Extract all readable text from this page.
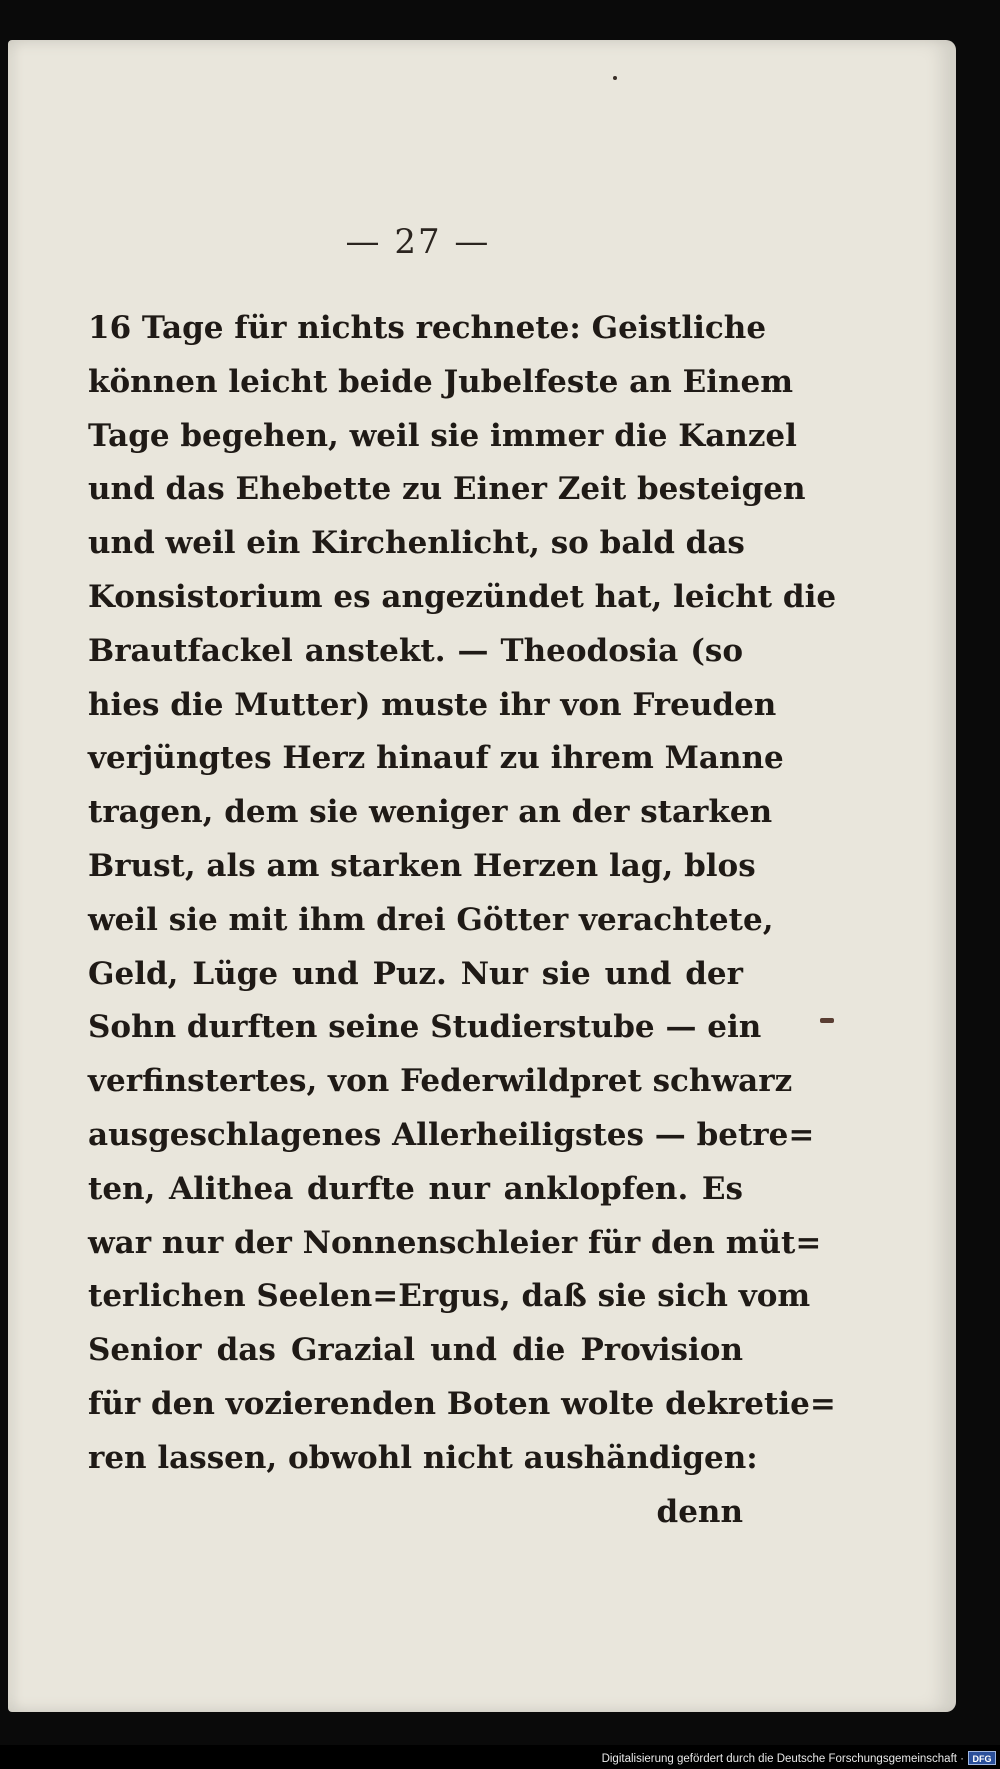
— 27 —
16 Tage für nichts rechnete: Geistliche
können leicht beide Jubelfeste an Einem
Tage begehen, weil sie immer die Kanzel
und das Ehebette zu Einer Zeit besteigen
und weil ein Kirchenlicht, so bald das
Konsistorium es angezündet hat, leicht die
Brautfackel anstekt. — Theodosia (so
hies die Mutter) muste ihr von Freuden
verjüngtes Herz hinauf zu ihrem Manne
tragen, dem sie weniger an der starken
Brust, als am starken Herzen lag, blos
weil sie mit ihm drei Götter verachtete,
Geld, Lüge und Puz. Nur sie und der
Sohn durften seine Studierstube — ein
verfinstertes, von Federwildpret schwarz
ausgeschlagenes Allerheiligstes — betre=
ten, Alithea durfte nur anklopfen. Es
war nur der Nonnenschleier für den müt=
terlichen Seelen=Ergus, daß sie sich vom
Senior das Grazial und die Provision
für den vozierenden Boten wolte dekretie=
ren lassen, obwohl nicht aushändigen:
denn
Digitalisierung gefördert durch die Deutsche Forschungsgemeinschaft · DFG
